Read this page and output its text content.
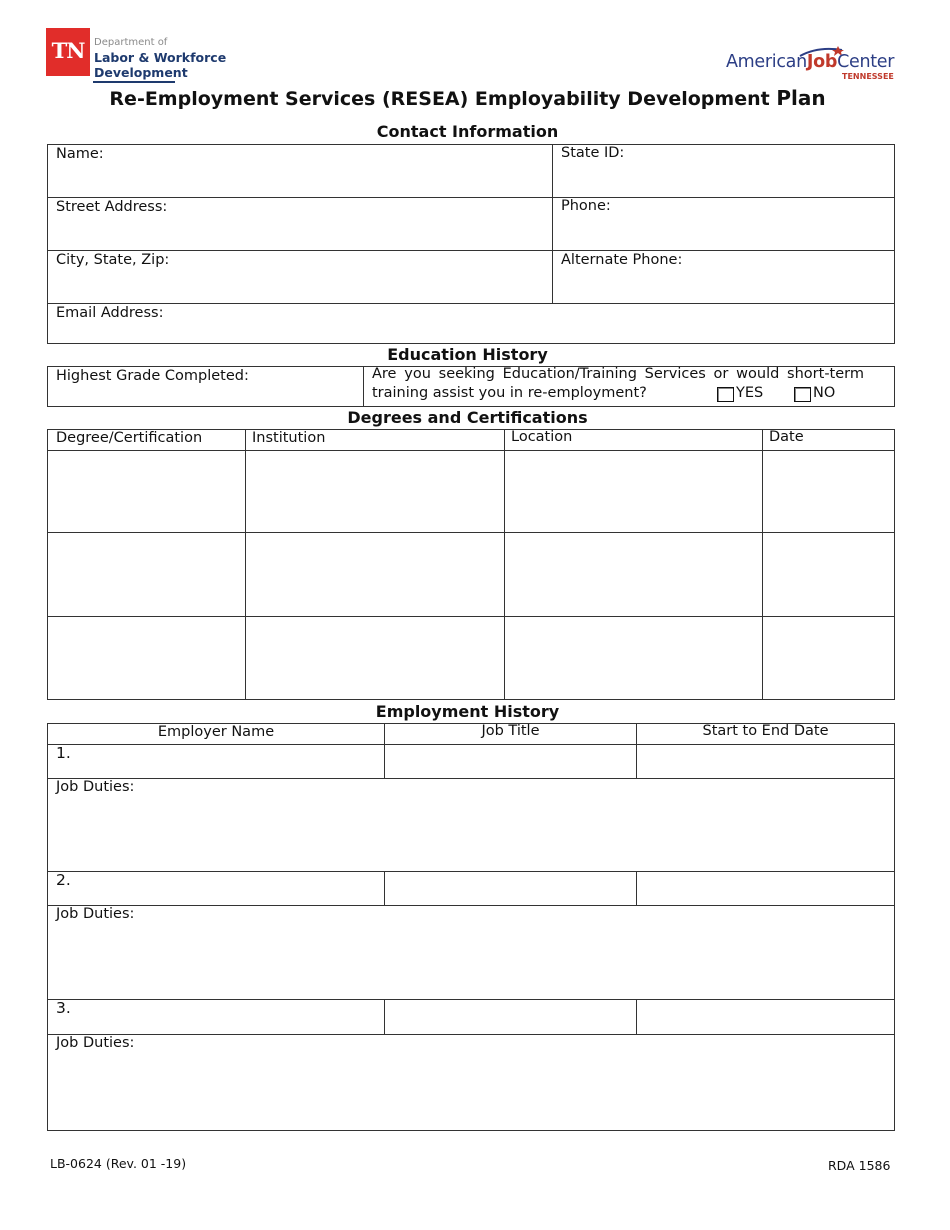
TN Department of
Labor & Workforce
Development
AmericanJobCenter
TENNESSEE
Re-Employment Services (RESEA) Employability Development Plan
Contact Information
Name:	State ID:
Street Address:	Phone:
City, State, Zip:	Alternate Phone:
Email Address:
Education History
Highest Grade Completed:	Are you seeking Education/Training Services or would short-term
training assist you in re-employment?	YES	NO
Degrees and Certifications
Degree/Certification	Institution	Location	Date
Employment History
Employer Name	Job Title	Start to End Date
1.
Job Duties:
2.
Job Duties:
3.
Job Duties:
LB-0624 (Rev. 01 -19)	RDA 1586
